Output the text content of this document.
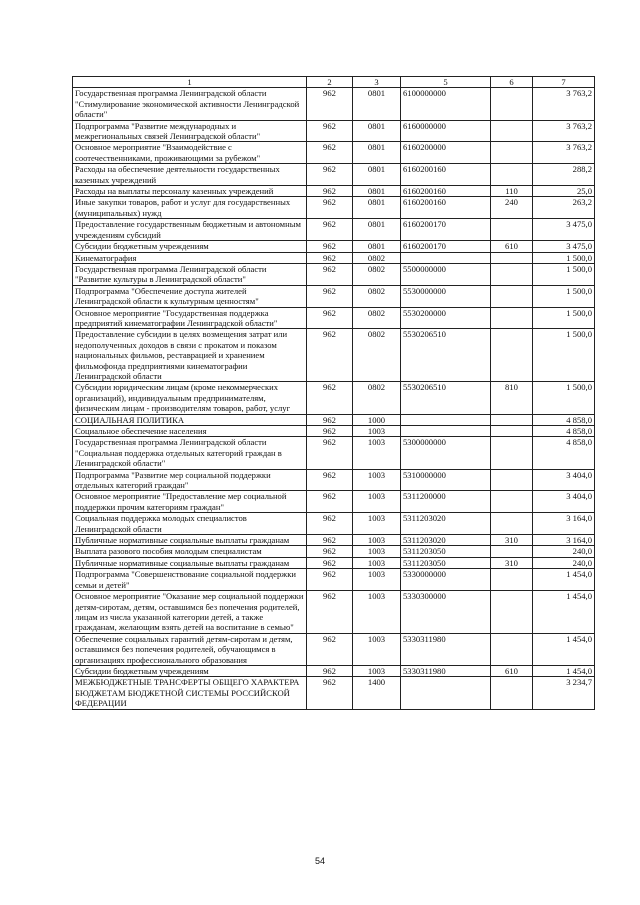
1	2	3	5	6	7
Государственная программа Ленинградской области "Стимулирование экономической активности Ленинградской области"	962	0801	6100000000		3 763,2
Подпрограмма "Развитие международных и межрегиональных связей Ленинградской области"	962	0801	6160000000		3 763,2
Основное мероприятие "Взаимодействие с соотечественниками, проживающими за рубежом"	962	0801	6160200000		3 763,2
Расходы на обеспечение деятельности государственных казенных учреждений	962	0801	6160200160		288,2
Расходы на выплаты персоналу казенных учреждений	962	0801	6160200160	110	25,0
Иные закупки товаров, работ и услуг для государственных (муниципальных) нужд	962	0801	6160200160	240	263,2
Предоставление государственным бюджетным и автономным учреждениям субсидий	962	0801	6160200170		3 475,0
Субсидии бюджетным учреждениям	962	0801	6160200170	610	3 475,0
Кинематография	962	0802			1 500,0
Государственная программа Ленинградской области "Развитие культуры в Ленинградской области"	962	0802	5500000000		1 500,0
Подпрограмма "Обеспечение доступа жителей Ленинградской области к культурным ценностям"	962	0802	5530000000		1 500,0
Основное мероприятие "Государственная поддержка предприятий кинематографии Ленинградской области"	962	0802	5530200000		1 500,0
Предоставление субсидии в целях возмещения затрат или недополученных доходов в связи с прокатом и показом национальных фильмов, реставрацией и хранением фильмофонда предприятиями кинематографии Ленинградской области	962	0802	5530206510		1 500,0
Субсидии юридическим лицам (кроме некоммерческих организаций), индивидуальным предпринимателям, физическим лицам - производителям товаров, работ, услуг	962	0802	5530206510	810	1 500,0
СОЦИАЛЬНАЯ ПОЛИТИКА	962	1000			4 858,0
Социальное обеспечение населения	962	1003			4 858,0
Государственная программа Ленинградской области "Социальная поддержка отдельных категорий граждан в Ленинградской области"	962	1003	5300000000		4 858,0
Подпрограмма "Развитие мер социальной поддержки отдельных категорий граждан"	962	1003	5310000000		3 404,0
Основное мероприятие "Предоставление мер социальной поддержки прочим категориям граждан"	962	1003	5311200000		3 404,0
Социальная поддержка молодых специалистов Ленинградской области	962	1003	5311203020		3 164,0
Публичные нормативные социальные выплаты гражданам	962	1003	5311203020	310	3 164,0
Выплата разового пособия молодым специалистам	962	1003	5311203050		240,0
Публичные нормативные социальные выплаты гражданам	962	1003	5311203050	310	240,0
Подпрограмма "Совершенствование социальной поддержки семьи и детей"	962	1003	5330000000		1 454,0
Основное мероприятие "Оказание мер социальной поддержки детям-сиротам, детям, оставшимся без попечения родителей, лицам из числа указанной категории детей, а также гражданам, желающим взять детей на воспитание в семью"	962	1003	5330300000		1 454,0
Обеспечение социальных гарантий детям-сиротам и детям, оставшимся без попечения родителей, обучающимся в организациях профессионального образования	962	1003	5330311980		1 454,0
Субсидии бюджетным учреждениям	962	1003	5330311980	610	1 454,0
МЕЖБЮДЖЕТНЫЕ ТРАНСФЕРТЫ ОБЩЕГО ХАРАКТЕРА БЮДЖЕТАМ БЮДЖЕТНОЙ СИСТЕМЫ РОССИЙСКОЙ ФЕДЕРАЦИИ	962	1400			3 234,7
54
